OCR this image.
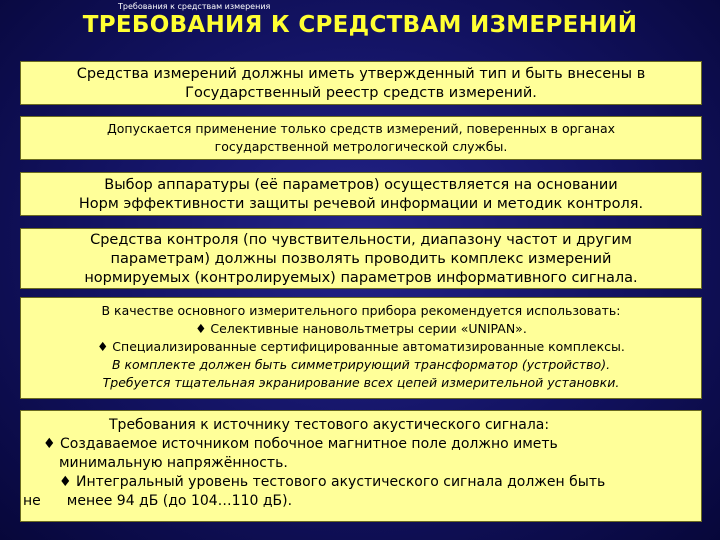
Требования к средствам измерения
ТРЕБОВАНИЯ К СРЕДСТВАМ ИЗМЕРЕНИЙ

Средства измерений должны иметь утвержденный тип и быть внесены в

Государственный реестр средств измерений.

Допускается применение только средств измерений, поверенных в органах

государственной метрологической службы.

Выбор аппаратуры (её параметров) осуществляется на основании

Норм эффективности защиты речевой информации и методик контроля.

Средства контроля (по чувствительности, диапазону частот и другим

параметрам) должны позволять проводить комплекс измерений

нормируемых (контролируемых) параметров информативного сигнала.

В качестве основного измерительного прибора рекомендуется использовать:

♦ Селективные нановольтметры серии «UNIPAN».

♦ Специализированные сертифицированные автоматизированные комплексы.

В комплекте должен быть симметрирующий трансформатор (устройство).

Требуется тщательная экранирование всех цепей измерительной установки.

Требования к источнику тестового акустического сигнала:

♦ Создаваемое источником побочное магнитное поле должно иметь

минимальную напряжённость.

♦ Интегральный уровень тестового акустического сигнала должен быть

не менее 94 дБ (до 104…110 дБ).
